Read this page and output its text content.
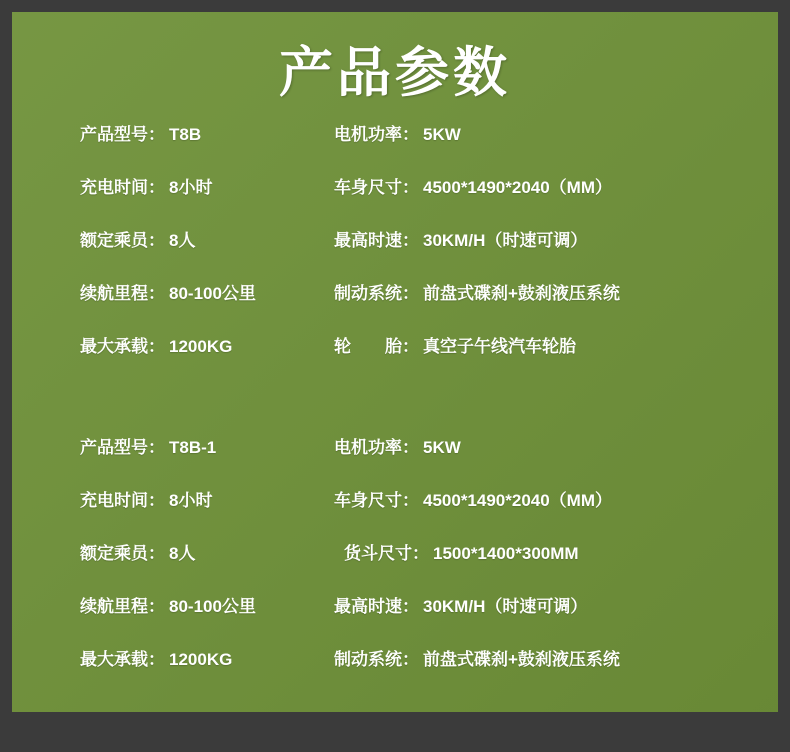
产品参数
产品型号： T8B	电机功率： 5KW
充电时间： 8小时	车身尺寸： 4500*1490*2040（MM）
额定乘员： 8人	最高时速： 30KM/H（时速可调）
续航里程： 80-100公里	制动系统： 前盘式碟刹+鼓刹液压系统
最大承载： 1200KG	轮　　胎： 真空子午线汽车轮胎
产品型号： T8B-1	电机功率： 5KW
充电时间： 8小时	车身尺寸： 4500*1490*2040（MM）
额定乘员： 8人	货斗尺寸： 1500*1400*300MM
续航里程： 80-100公里	最高时速： 30KM/H（时速可调）
最大承载： 1200KG	制动系统： 前盘式碟刹+鼓刹液压系统
